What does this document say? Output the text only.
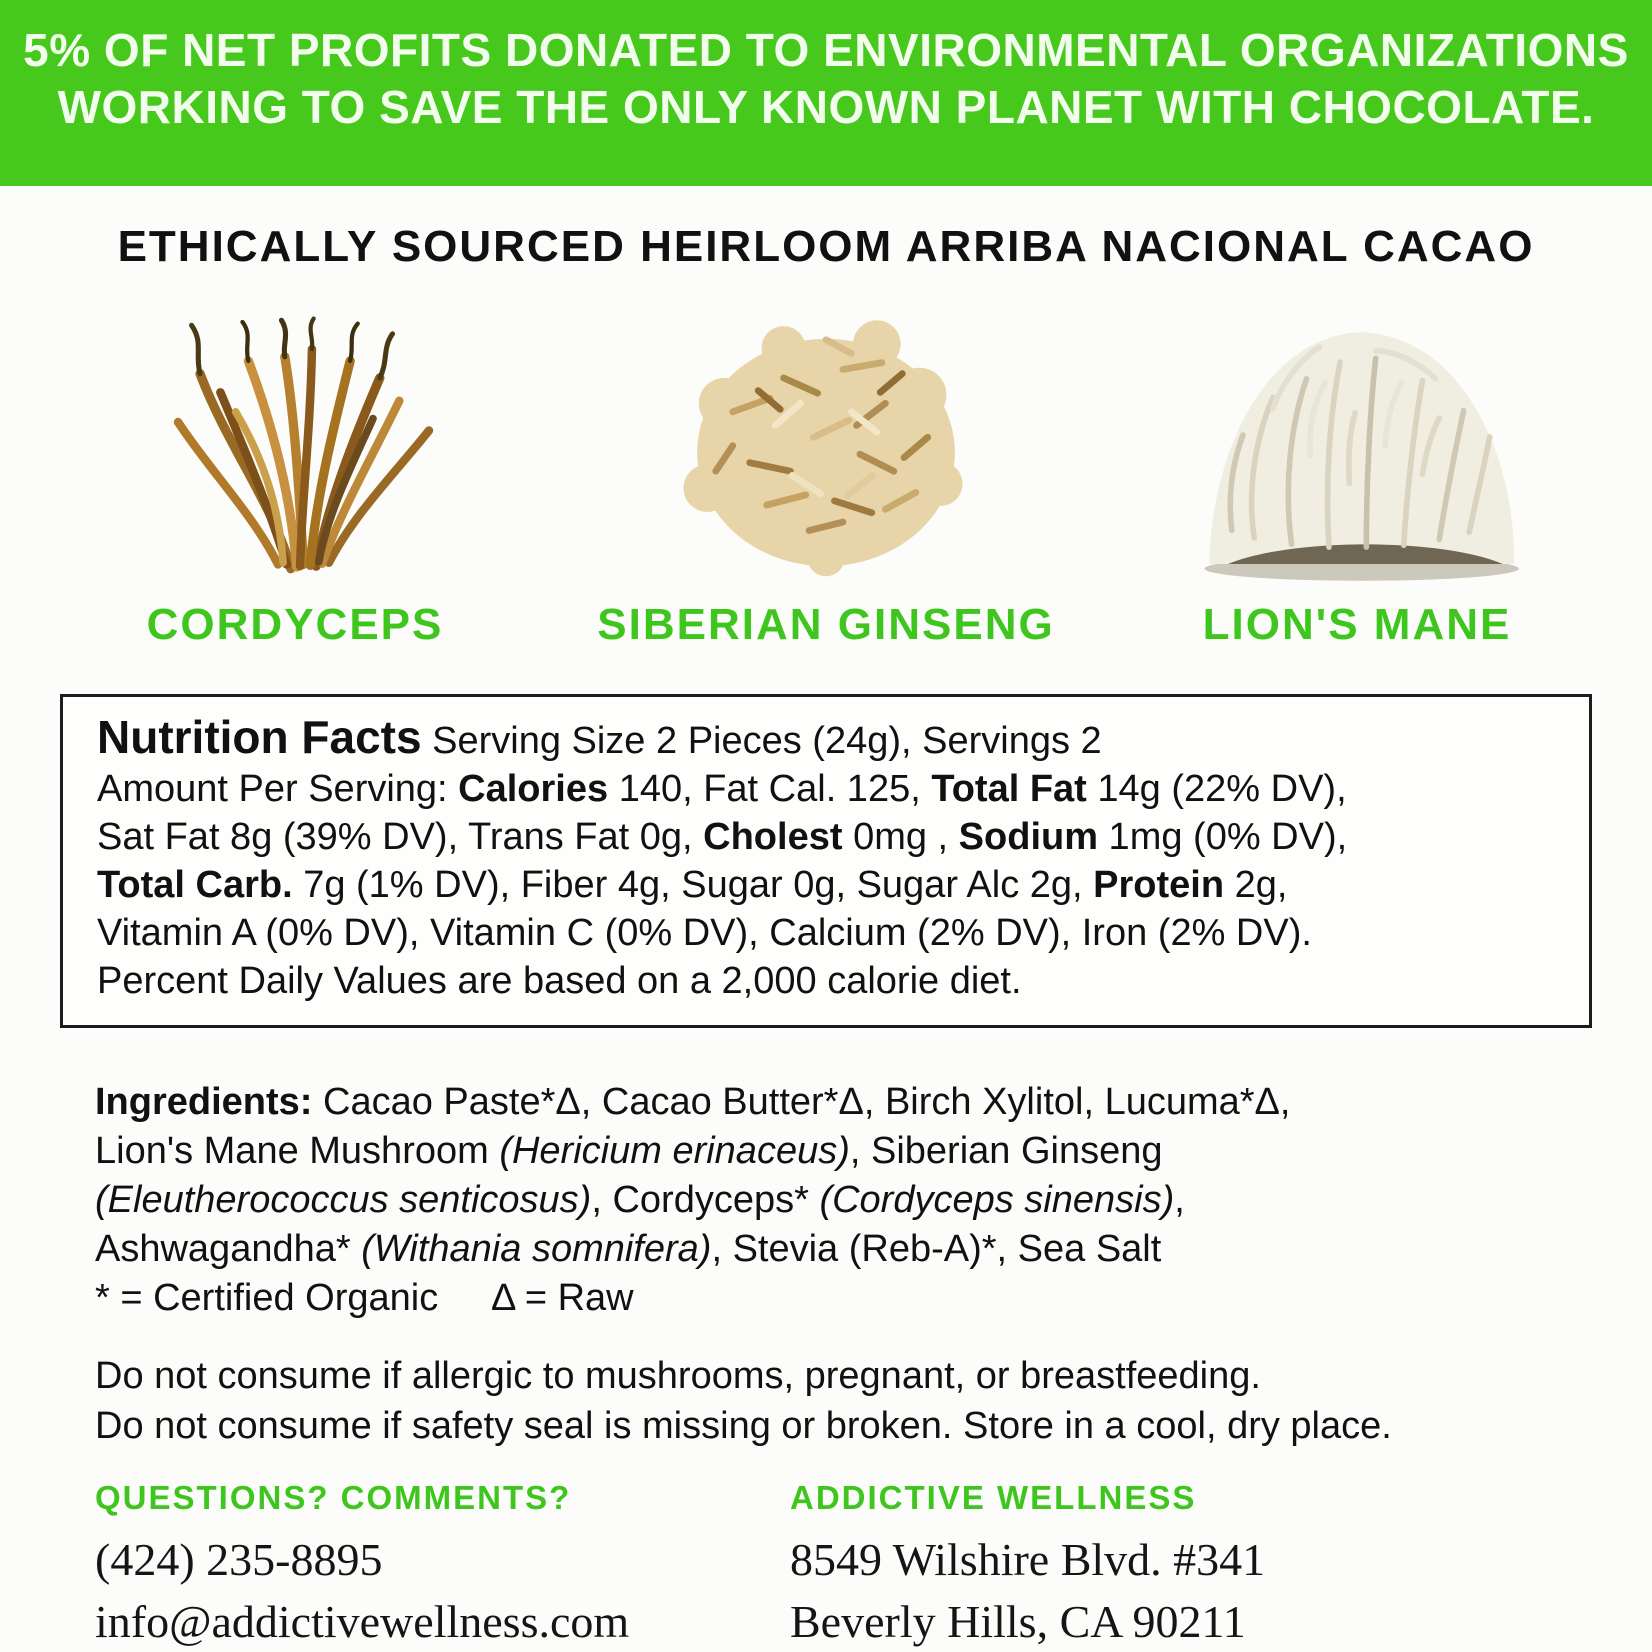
5% OF NET PROFITS DONATED TO ENVIRONMENTAL ORGANIZATIONS
WORKING TO SAVE THE ONLY KNOWN PLANET WITH CHOCOLATE.
ETHICALLY SOURCED HEIRLOOM ARRIBA NACIONAL CACAO
CORDYCEPS	SIBERIAN GINSENG	LION'S MANE
Nutrition Facts Serving Size 2 Pieces (24g), Servings 2
Amount Per Serving: Calories 140, Fat Cal. 125, Total Fat 14g (22% DV),
Sat Fat 8g (39% DV), Trans Fat 0g, Cholest 0mg , Sodium 1mg (0% DV),
Total Carb. 7g (1% DV), Fiber 4g, Sugar 0g, Sugar Alc 2g, Protein 2g,
Vitamin A (0% DV), Vitamin C (0% DV), Calcium (2% DV), Iron (2% DV).
Percent Daily Values are based on a 2,000 calorie diet.
Ingredients: Cacao Paste*Δ, Cacao Butter*Δ, Birch Xylitol, Lucuma*Δ,
Lion's Mane Mushroom (Hericium erinaceus), Siberian Ginseng
(Eleutherococcus senticosus), Cordyceps* (Cordyceps sinensis),
Ashwagandha* (Withania somnifera), Stevia (Reb-A)*, Sea Salt
* = Certified Organic     Δ = Raw
Do not consume if allergic to mushrooms, pregnant, or breastfeeding.
Do not consume if safety seal is missing or broken. Store in a cool, dry place.
QUESTIONS? COMMENTS?
(424) 235-8895
info@addictivewellness.com
ADDICTIVE WELLNESS
8549 Wilshire Blvd. #341
Beverly Hills, CA 90211
